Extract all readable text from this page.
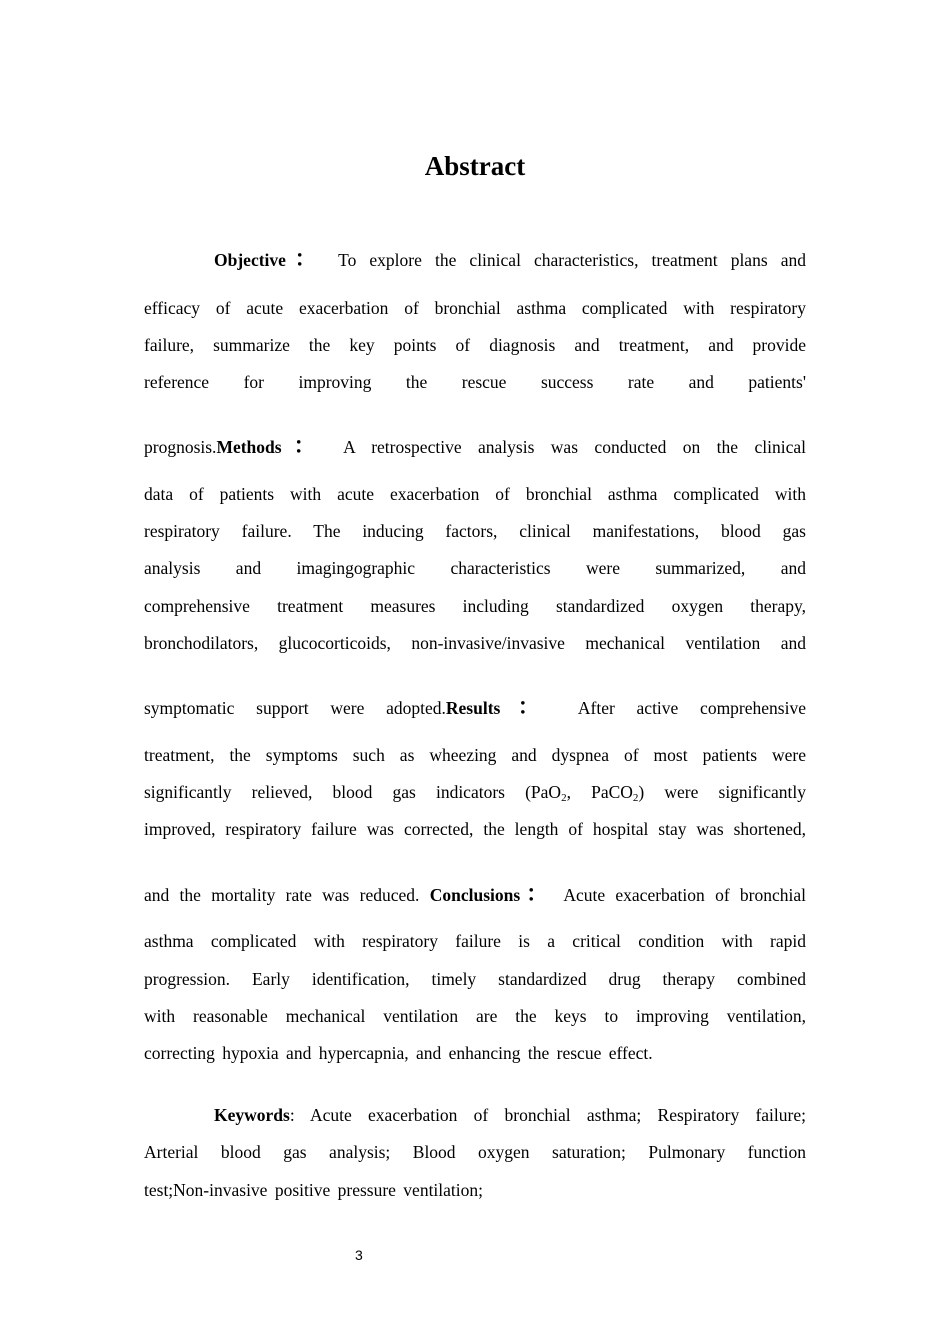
Abstract

Objective： To explore the clinical characteristics, treatment plans and

efficacy of acute exacerbation of bronchial asthma complicated with respiratory

failure, summarize the key points of diagnosis and treatment, and provide

reference for improving the rescue success rate and patients'

prognosis.Methods： A retrospective analysis was conducted on the clinical

data of patients with acute exacerbation of bronchial asthma complicated with

respiratory failure. The inducing factors, clinical manifestations, blood gas

analysis and imagingographic characteristics were summarized, and

comprehensive treatment measures including standardized oxygen therapy,

bronchodilators, glucocorticoids, non-invasive/invasive mechanical ventilation and

symptomatic support were adopted.Results： After active comprehensive

treatment, the symptoms such as wheezing and dyspnea of most patients were

significantly relieved, blood gas indicators (PaO$_2$, PaCO$_2$) were significantly

improved, respiratory failure was corrected, the length of hospital stay was shortened,

and the mortality rate was reduced. Conclusions： Acute exacerbation of bronchial

asthma complicated with respiratory failure is a critical condition with rapid

progression. Early identification, timely standardized drug therapy combined

with reasonable mechanical ventilation are the keys to improving ventilation,

correcting hypoxia and hypercapnia, and enhancing the rescue effect.

Keywords: Acute exacerbation of bronchial asthma; Respiratory failure;

Arterial blood gas analysis; Blood oxygen saturation; Pulmonary function

test;Non-invasive positive pressure ventilation;

3
